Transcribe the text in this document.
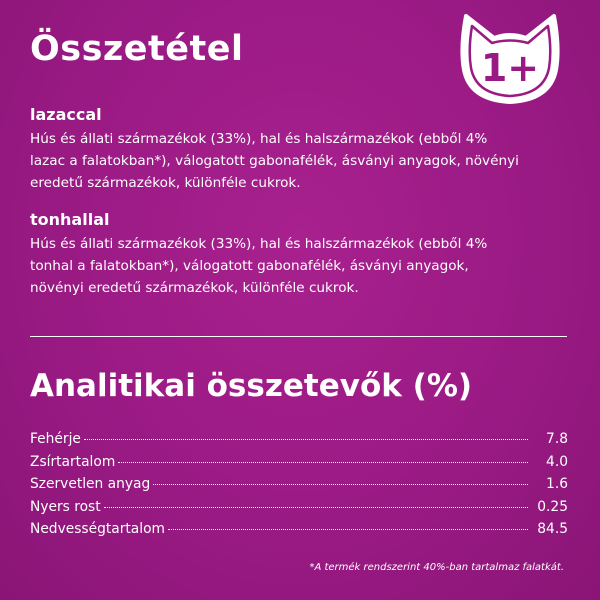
Összetétel	1+
lazaccal
Hús és állati származékok (33%), hal és halszármazékok (ebből 4%
lazac a falatokban*), válogatott gabonafélék, ásványi anyagok, növényi
eredetű származékok, különféle cukrok.
tonhallal
Hús és állati származékok (33%), hal és halszármazékok (ebből 4%
tonhal a falatokban*), válogatott gabonafélék, ásványi anyagok,
növényi eredetű származékok, különféle cukrok.
Analitikai összetevők (%)
Fehérje	7.8
Zsírtartalom	4.0
Szervetlen anyag	1.6
Nyers rost	0.25
Nedvességtartalom	84.5
*A termék rendszerint 40%-ban tartalmaz falatkát.
